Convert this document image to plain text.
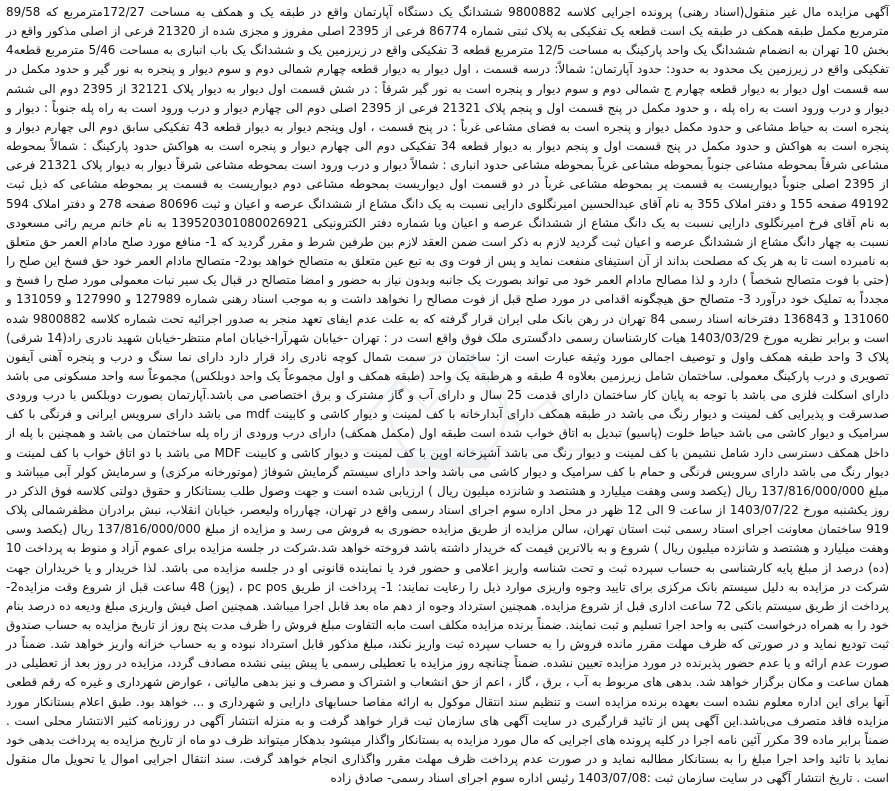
آگهی مزایده مال غیر منقول(اسناد رهنی) پرونده اجرایی کلاسه 9800882 ششدانگ یک دستگاه آپارتمان واقع در طبقه یک و همکف به مساحت 172/27مترمربع که 89/58 مترمربع مکمل طبقه همکف در طبقه یک است قطعه یک تفکیکی به پلاک ثبتی شماره 86774 فرعی از 2395 اصلی مفروز و مجزی شده از 21320 فرعی از اصلی مذکور واقع در بخش 10 تهران به انضمام ششدانگ یک واحد پارکینگ به مساحت 12/5 مترمربع قطعه 3 تفکیکی واقع در زیرزمین یک و ششدانگ یک باب انباری به مساحت 5/46 مترمربع قطعه4 تفکیکی واقع در زیرزمین یک محدود به حدود: حدود آپارتمان: شمالاً: درسه قسمت ، اول دیوار به دیوار قطعه چهارم شمالی دوم و سوم دیوار و پنجره به نور گیر و حدود مکمل در سه قسمت اول دیوار به دیوار قطعه چهارم ج شمالی دوم و سوم دیوار و پنجره است به نور گیر شرقاً : در شش قسمت اول دیوار به دیوار پلاک 32121 از 2395 دوم الی ششم دیوار و درب ورود است به راه پله ، و حدود مکمل در پنج قسمت اول و پنجم پلاک 21321 فرعی از 2395 اصلی دوم الی چهارم دیوار و درب ورود است به راه پله جنوباً : دیوار و پنجره است به حیاط مشاعی و حدود مکمل دیوار و پنجره است به فضای مشاعی غرباً : در پنج قسمت ، اول وپنجم دیوار به دیوار قطعه 43 تفکیکی سابق دوم الی چهارم دیوار و پنجره است به هواکش و حدود مکمل در پنج قسمت اول و پنجم دیوار به دیوار قطعه 34 تفکیکی دوم الی چهارم دیوار و پنجره است به هواکش حدود پارکینگ : شمالاً بمحوطه مشاعی شرقاً بمحوطه مشاعی جنوباً بمحوطه مشاعی غرباً بمحوطه مشاعی حدود انباری : شمالاً دیوار و درب ورود است بمحوطه مشاعی شرقاً دیوار به دیوار پلاک 21321 فرعی از 2395 اصلی جنوباً دیواریست به قسمت پر بمحوطه مشاعی غرباً در دو قسمت اول دیواریست بمحوطه مشاعی دوم دیواریست به قسمت پر بمحوطه مشاعی که ذیل ثبت 49192 صفحه 155 و دفتر املاک 355 به نام آقای عبدالحسین امیرنگلوی دارایی نسبت به یک دانگ مشاع از ششدانگ عرصه و اعیان و ثبت 80696 صفحه 278 و دفتر املاک 594 به نام آقای فرخ امیرنگلوی دارایی نسبت به یک دانگ مشاع از ششدانگ عرصه و اعیان وبا شماره دفتر الکترونیکی 139520301080026921 به نام خانم مریم راثی مسعودی نسبت به چهار دانگ مشاع از ششدانگ عرصه و اعیان ثبت گردید لازم به ذکر است ضمن العقد لازم بین طرفین شرط و مقرر گردید که 1- منافع مورد صلح مادام العمر حق متعلق به نامبرده است تا به هر یک که مصلحت بداند از آن استیفای منفعت نماید و پس از فوت وی به تبع عین متعلق به متصالح خواهد بود2- متصالح مادام العمر خود حق فسخ این صلح را (حتی با فوت متصالح شخصاً ) دارد و لذا مصالح مادام العمر خود می تواند بصورت یک جانبه وبدون نیاز به حضور و امضا متصالح در قبال یک سیر نبات معمولی مورد صلح را فسخ و مجدداً به تملیک خود درآورد 3- متصالح حق هیچگونه اقدامی در مورد صلح قبل از فوت مصالح را نخواهد داشت و به موجب اسناد رهنی شماره 127989 و 127990 و 131059 و 131060 و 136843 دفترخانه اسناد رسمی 84 تهران در رهن بانک ملی ایران قرار گرفته که به علت عدم ایفای تعهد منجر به صدور اجرائیه تحت شماره کلاسه 9800882 شده است و برابر نظریه مورخ 1403/03/29 هیات کارشناسان رسمی دادگستری ملک فوق واقع است در : تهران -خیابان شهرآرا-خیابان امام منتظر-خیابان شهید نادری راد(14 شرقی) پلاک 3 واحد طبقه همکف واول و توصیف اجمالی مورد وثیقه عبارت است از: ساختمان در سمت شمال کوچه نادری راد قرار دارد دارای نما سنگ و درب و پنجره آهنی آیفون تصویری و درب پارکینگ معمولی. ساختمان شامل زیرزمین بعلاوه 4 طبقه و هرطبقه یک واحد (طبقه همکف و اول مجموعاً یک واحد دوبلکس) مجموعاً سه واحد مسکونی می باشد دارای اسکلت فلزی می باشد با توجه به پایان کار ساختمان دارای قدمت 25 سال و دارای آب و گاز مشترک و برق اختصاصی می باشد.آپارتمان بصورت دوبلکس با درب ورودی صدسرقت و پذیرایی کف لمینت و دیوار رنگ می باشد در طبقه همکف دارای آبدارخانه با کف لمینت و دیوار کاشی و کابینت mdf می باشد دارای سرویس ایرانی و فرنگی با کف سرامیک و دیوار کاشی می باشد حیاط خلوت (پاسیو) تبدیل به اتاق خواب شده است طبقه اول (مکمل همکف) دارای درب ورودی از راه پله ساختمان می باشد و همچنین با پله از داخل همکف دسترسی دارد شامل نشیمن با کف لمینت و دیوار رنگ می باشد آشپزخانه اوپن با کف لمینت و دیوار کاشی و کابینت MDF می باشد با دو اتاق خواب با کف لمینت و دیوار رنگ می باشد دارای سرویس فرنگی و حمام با کف سرامیک و دیوار کاشی می باشد واحد دارای سیستم گرمایش شوفاژ (موتورخانه مرکزی) و سرمایش کولر آبی میباشد و مبلغ 137/816/000/000 ریال (یکصد وسی وهفت میلیارد و هشتصد و شانزده میلیون ریال ) ارزیابی شده است و جهت وصول طلب بستانکار و حقوق دولتی کلاسه فوق الذکر در روز یکشنبه مورخ 1403/07/22 از ساعت 9 الی 12 ظهر در محل اداره سوم اجرای اسناد رسمی واقع در تهران، چهارراه ولیعصر، خیابان انقلاب، نبش برادران مظفرشمالی پلاک 919 ساختمان معاونت اجرای اسناد رسمی ثبت استان تهران، سالن مزایده از طریق مزایده حضوری به فروش می رسد و مزایده از مبلغ 137/816/000/000 ریال (یکصد وسی وهفت میلیارد و هشتصد و شانزده میلیون ریال ) شروع و به بالاترین قیمت که خریدار داشته باشد فروخته خواهد شد.شرکت در جلسه مزایده برای عموم آزاد و منوط به پرداخت 10 (ده) درصد از مبلغ پایه کارشناسی به حساب سپرده ثبت و تحت شناسه واریز اعلامی و حضور فرد یا نماینده قانونی او در جلسه مزایده می باشد. لذا خریدار و یا خریداران جهت شرکت در مزایده به دلیل سیستم بانک مرکزی برای تایید وجوه واریزی موارد ذیل را رعایت نمایند: 1- پرداخت از طریق pc pos ، (پوز) 48 ساعت قبل از شروع وقت مزایده2- پرداخت از طریق سیستم بانکی 72 ساعت اداری قبل از شروع مزایده. همچنین استرداد وجوه از دهم ماه بعد قابل اجرا میباشد. همچنین اصل فیش واریزی مبلغ ودیعه ده درصد بنام خود را به همراه درخواست کتبی به واحد اجرا تسلیم و ثبت نمایند. ضمناً برنده مزایده مکلف است مابه التفاوت مبلغ فروش را ظرف مدت پنج روز از تاریخ مزایده به حساب صندوق ثبت تودیع نماید و در صورتی که ظرف مهلت مقرر مانده فروش را به حساب سپرده ثبت واریز نکند، مبلغ مذکور قابل استرداد نبوده و به حساب خزانه واریز خواهد شد. ضمناً در صورت عدم ارائه و یا عدم حضور پذیرنده در مورد مزایده تعیین نشده. ضمناً چنانچه روز مزایده با تعطیلی رسمی یا پیش بینی نشده مصادف گردد، مزایده در روز بعد از تعطیلی در همان ساعت و مکان برگزار خواهد شد. بدهی های مربوط به آب ، برق ، گاز ، اعم از حق انشعاب و اشتراک و مصرف و نیز بدهی مالیاتی ، عوارض شهرداری و غیره که رقم قطعی آنها برای این اداره معلوم نشده است بعهده برنده مزایده است و تنظیم سند انتقال موکول به ارائه مفاصا حسابهای دارایی و شهرداری و ... خواهد بود. طبق اعلام بستانکار مورد مزایده فاقد متصرف می‌باشد.این آگهی پس از تائید قرارگیری در سایت آگهی های سازمان ثبت قرار خواهد گرفت و به منزله انتشار آگهی در روزنامه کثیر الانتشار محلی است . ضمناً برابر ماده 39 مکرر آئین نامه اجرا در کلیه پرونده های اجرایی که مال مورد مزایده به بستانکار واگذار میشود بدهکار میتواند ظرف دو ماه از تاریخ مزایده به پرداخت بدهی خود نماید با تائید واحد اجرا مبلغ را به بستانکار مطالبه نماید و در صورت عدم پرداخت ظرف مهلت مقرر واگذاری انجام خواهد گرفت. سند انتقال اجرایی اموال یا تحویل مال منقول است . تاریخ انتشار آگهی در سایت سازمان ثبت :1403/07/08 رئیس اداره سوم اجرای اسناد رسمی- صادق زاده
